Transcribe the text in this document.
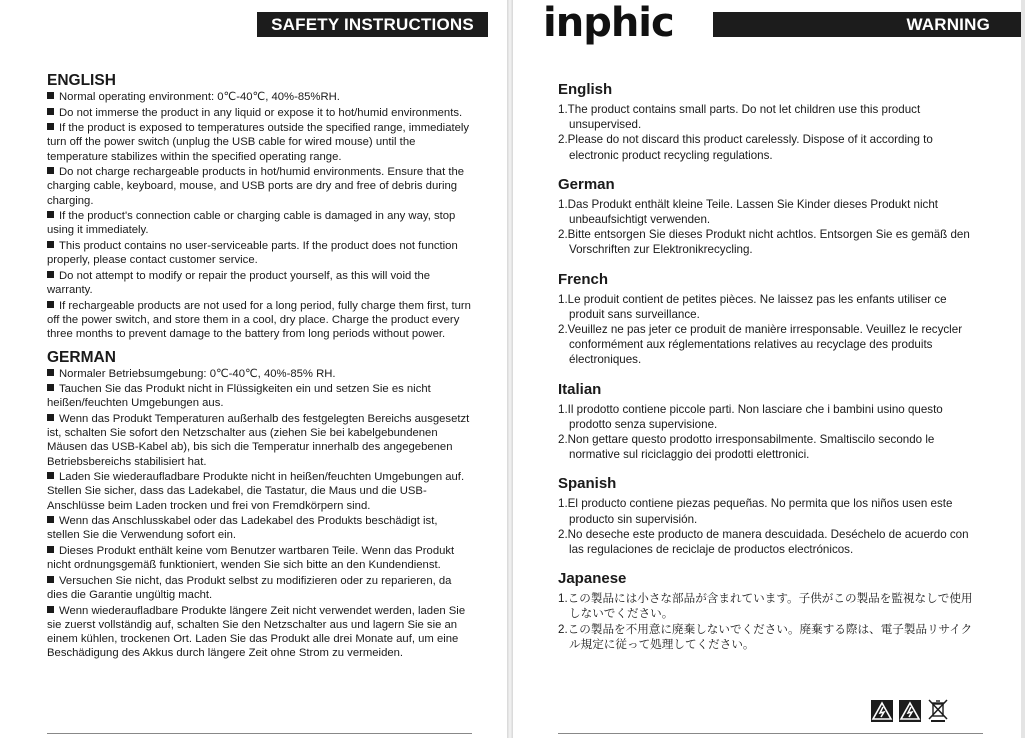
SAFETY INSTRUCTIONS

ENGLISH

Normal operating environment: 0℃-40℃, 40%-85%RH.

Do not immerse the product in any liquid or expose it to hot/humid environments.

If the product is exposed to temperatures outside the specified range, immediately turn off the power switch (unplug the USB cable for wired mouse) until the temperature stabilizes within the specified operating range.

Do not charge rechargeable products in hot/humid environments. Ensure that the charging cable, keyboard, mouse, and USB ports are dry and free of debris during charging.

If the product's connection cable or charging cable is damaged in any way, stop using it immediately.

This product contains no user-serviceable parts. If the product does not function properly, please contact customer service.

Do not attempt to modify or repair the product yourself, as this will void the warranty.

If rechargeable products are not used for a long period, fully charge them first, turn off the power switch, and store them in a cool, dry place. Charge the product every three months to prevent damage to the battery from long periods without power.

GERMAN

Normaler Betriebsumgebung: 0℃-40℃, 40%-85% RH.

Tauchen Sie das Produkt nicht in Flüssigkeiten ein und setzen Sie es nicht heißen/feuchten Umgebungen aus.

Wenn das Produkt Temperaturen außerhalb des festgelegten Bereichs ausgesetzt ist, schalten Sie sofort den Netzschalter aus (ziehen Sie bei kabelgebundenen Mäusen das USB-Kabel ab), bis sich die Temperatur innerhalb des angegebenen Betriebsbereichs stabilisiert hat.

Laden Sie wiederaufladbare Produkte nicht in heißen/feuchten Umgebungen auf. Stellen Sie sicher, dass das Ladekabel, die Tastatur, die Maus und die USB-Anschlüsse beim Laden trocken und frei von Fremdkörpern sind.

Wenn das Anschlusskabel oder das Ladekabel des Produkts beschädigt ist, stellen Sie die Verwendung sofort ein.

Dieses Produkt enthält keine vom Benutzer wartbaren Teile. Wenn das Produkt nicht ordnungsgemäß funktioniert, wenden Sie sich bitte an den Kundendienst.

Versuchen Sie nicht, das Produkt selbst zu modifizieren oder zu reparieren, da dies die Garantie ungültig macht.

Wenn wiederaufladbare Produkte längere Zeit nicht verwendet werden, laden Sie sie zuerst vollständig auf, schalten Sie den Netzschalter aus und lagern Sie sie an einem kühlen, trockenen Ort. Laden Sie das Produkt alle drei Monate auf, um eine Beschädigung des Akkus durch längere Zeit ohne Strom zu vermeiden.

inphic	WARNING

English

1.The product contains small parts. Do not let children use this product unsupervised.

2.Please do not discard this product carelessly. Dispose of it according to electronic product recycling regulations.

German

1.Das Produkt enthält kleine Teile. Lassen Sie Kinder dieses Produkt nicht unbeaufsichtigt verwenden.

2.Bitte entsorgen Sie dieses Produkt nicht achtlos. Entsorgen Sie es gemäß den Vorschriften zur Elektronikrecycling.

French

1.Le produit contient de petites pièces. Ne laissez pas les enfants utiliser ce produit sans surveillance.

2.Veuillez ne pas jeter ce produit de manière irresponsable. Veuillez le recycler conformément aux réglementations relatives au recyclage des produits électroniques.

Italian

1.Il prodotto contiene piccole parti. Non lasciare che i bambini usino questo prodotto senza supervisione.

2.Non gettare questo prodotto irresponsabilmente. Smaltiscilo secondo le normative sul riciclaggio dei prodotti elettronici.

Spanish

1.El producto contiene piezas pequeñas. No permita que los niños usen este producto sin supervisión.

2.No deseche este producto de manera descuidada. Deséchelo de acuerdo con las regulaciones de reciclaje de productos electrónicos.

Japanese

1.この製品には小さな部品が含まれています。子供がこの製品を監視なしで使用しないでください。

2.この製品を不用意に廃棄しないでください。廃棄する際は、電子製品リサイクル規定に従って処理してください。
